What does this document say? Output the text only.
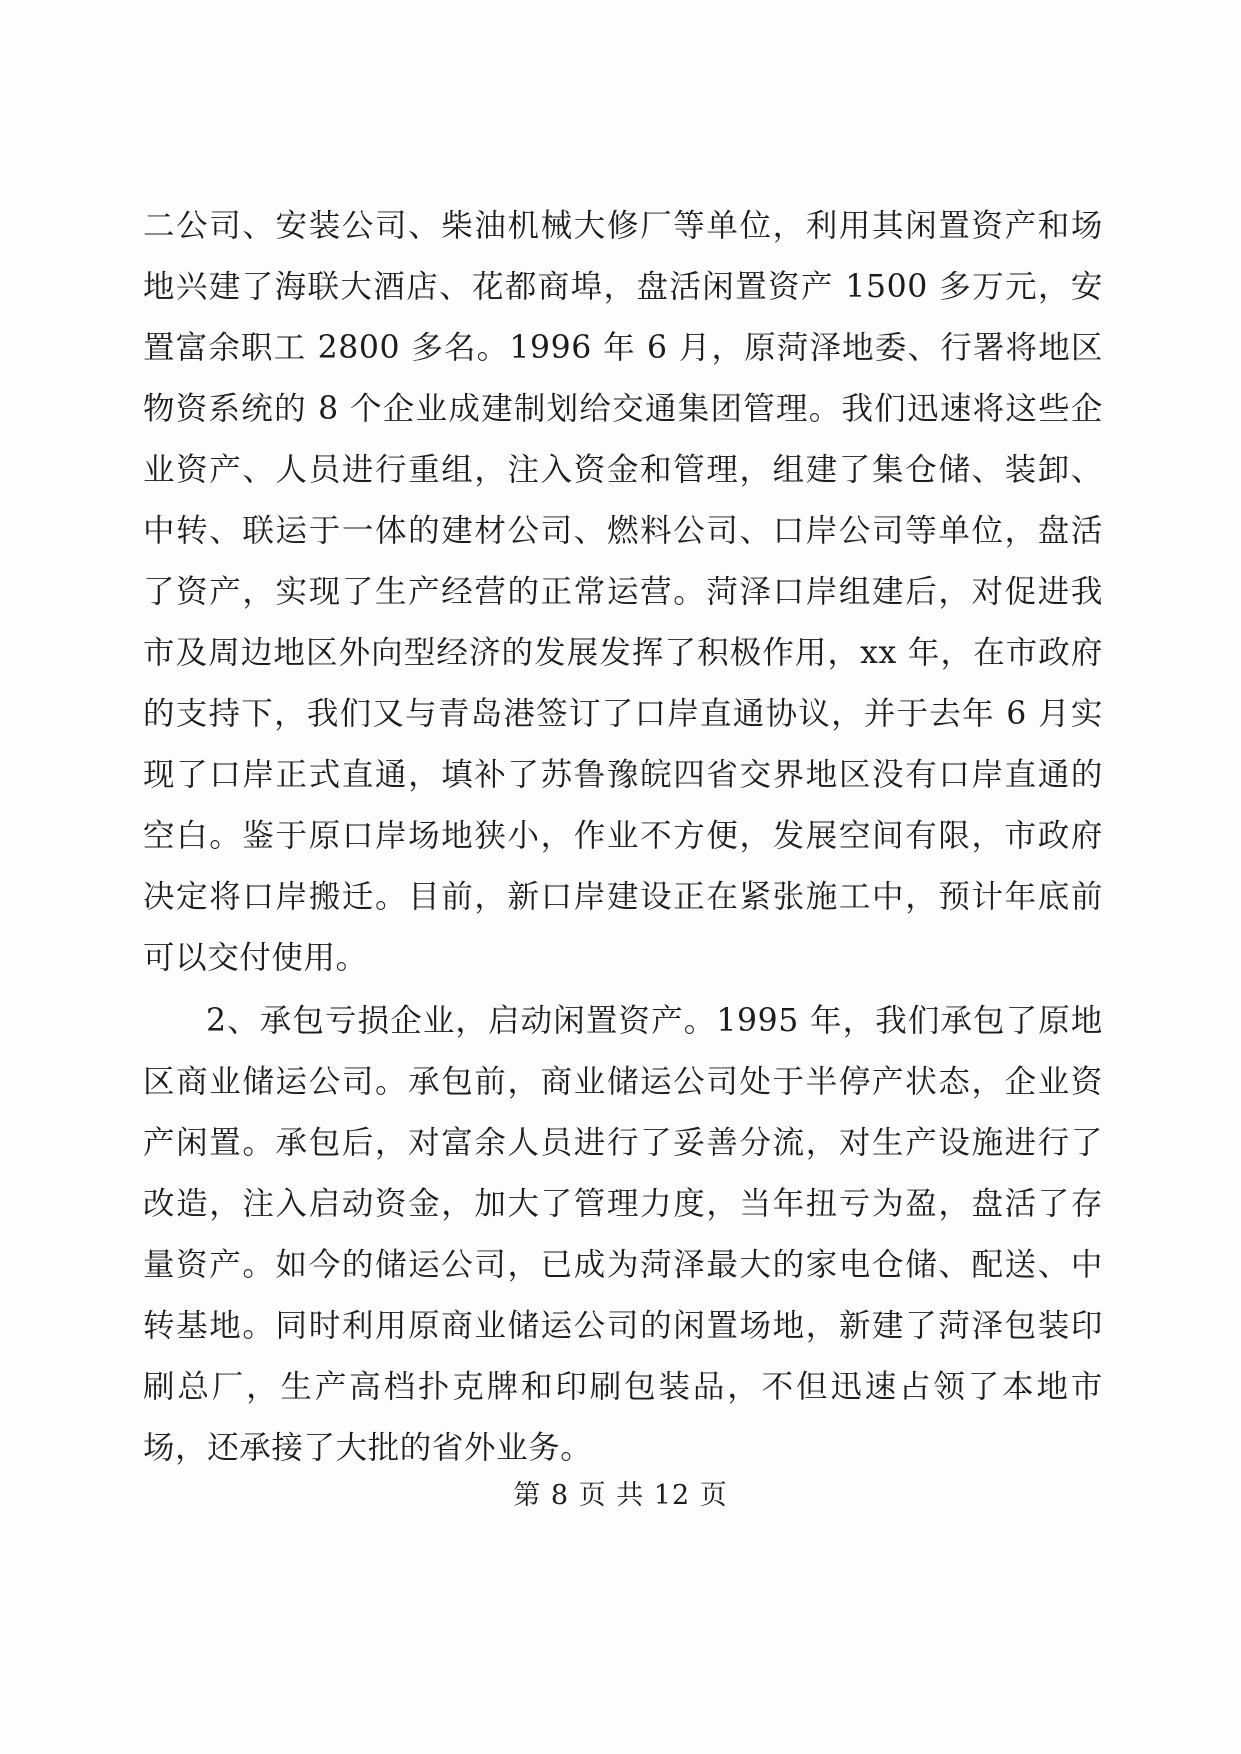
二公司、安装公司、柴油机械大修厂等单位，利用其闲置资产和场地兴建了海联大酒店、花都商埠，盘活闲置资产 1500 多万元，安置富余职工 2800 多名。1996 年 6 月，原菏泽地委、行署将地区物资系统的 8 个企业成建制划给交通集团管理。我们迅速将这些企业资产、人员进行重组，注入资金和管理，组建了集仓储、装卸、中转、联运于一体的建材公司、燃料公司、口岸公司等单位，盘活了资产，实现了生产经营的正常运营。菏泽口岸组建后，对促进我市及周边地区外向型经济的发展发挥了积极作用，xx 年，在市政府的支持下，我们又与青岛港签订了口岸直通协议，并于去年 6 月实现了口岸正式直通，填补了苏鲁豫皖四省交界地区没有口岸直通的空白。鉴于原口岸场地狭小，作业不方便，发展空间有限，市政府决定将口岸搬迁。目前，新口岸建设正在紧张施工中，预计年底前可以交付使用。

2、承包亏损企业，启动闲置资产。1995 年，我们承包了原地区商业储运公司。承包前，商业储运公司处于半停产状态，企业资产闲置。承包后，对富余人员进行了妥善分流，对生产设施进行了改造，注入启动资金，加大了管理力度，当年扭亏为盈，盘活了存量资产。如今的储运公司，已成为菏泽最大的家电仓储、配送、中转基地。同时利用原商业储运公司的闲置场地，新建了菏泽包装印刷总厂，生产高档扑克牌和印刷包装品，不但迅速占领了本地市场，还承接了大批的省外业务。

第 8 页 共 12 页
